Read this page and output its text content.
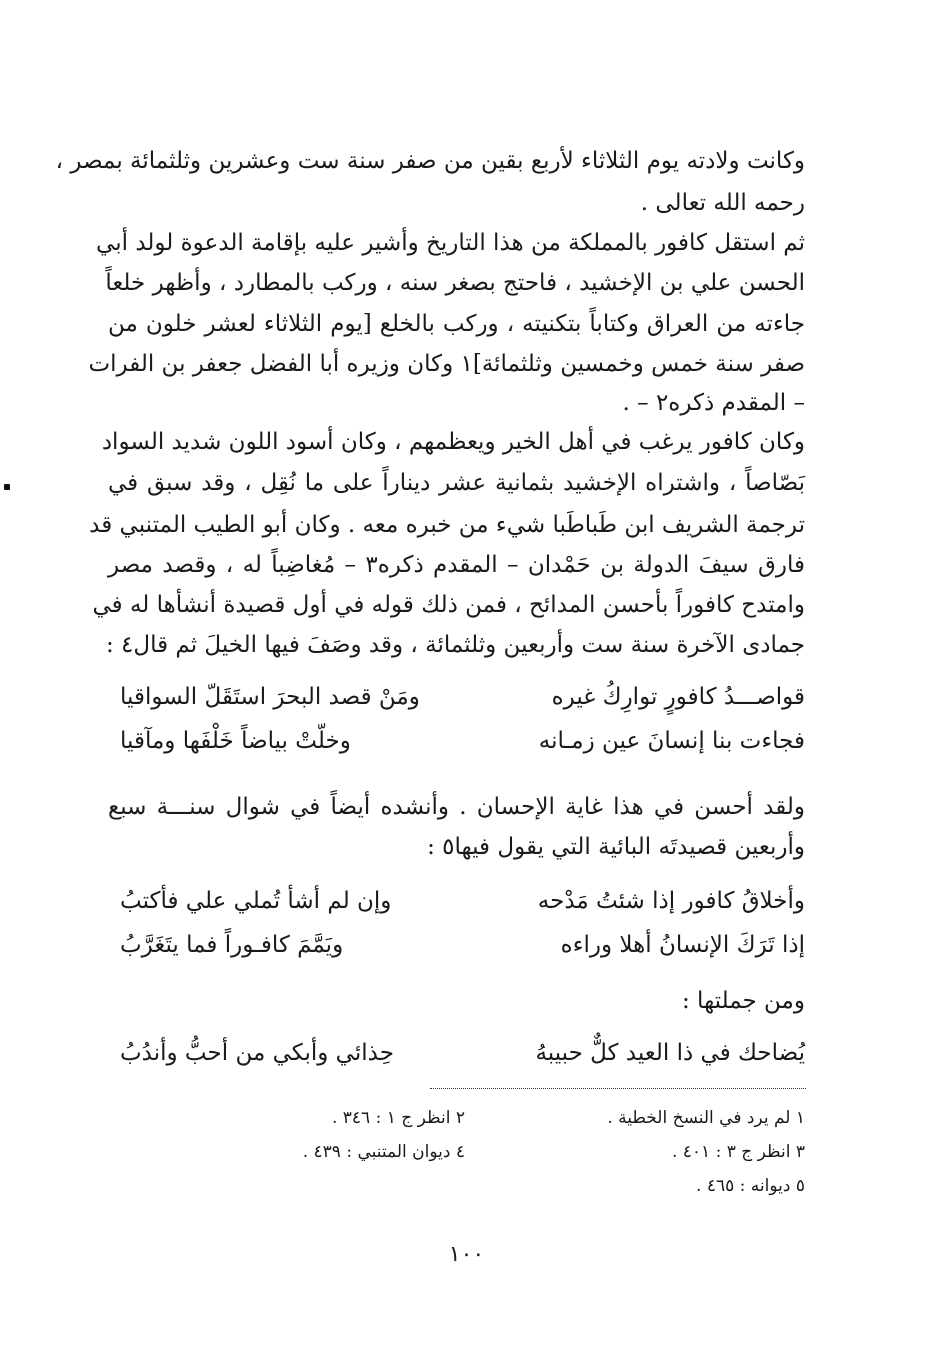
وكانت ولادته يوم الثلاثاء لأربع بقين من صفر سنة ست وعشرين وثلثمائة بمصر ،
رحمه الله تعالى .
ثم استقل كافور بالمملكة من هذا التاريخ وأشير عليه بإقامة الدعوة لولد أبي
الحسن علي بن الإخشيد ، فاحتج بصغر سنه ، وركب بالمطارد ، وأظهر خلعاً
جاءته من العراق وكتاباً بتكنيته ، وركب بالخلع [يوم الثلاثاء لعشر خلون من
صفر سنة خمس وخمسين وثلثمائة]١ وكان وزيره أبا الفضل جعفر بن الفرات
– المقدم ذكره٢ – .
وكان كافور يرغب في أهل الخير ويعظمهم ، وكان أسود اللون شديد السواد
بَصّاصاً ، واشتراه الإخشيد بثمانية عشر ديناراً على ما نُقِل ، وقد سبق في
ترجمة الشريف ابن طَباطَبا شيء من خبره معه . وكان أبو الطيب المتنبي قد
فارق سيفَ الدولة بن حَمْدان – المقدم ذكره٣ – مُغاضِباً له ، وقصد مصر
وامتدح كافوراً بأحسن المدائح ، فمن ذلك قوله في أول قصيدة أنشأها له في
جمادى الآخرة سنة ست وأربعين وثلثمائة ، وقد وصَفَ فيها الخيلَ ثم قال٤ :
قواصـــدُ كافورٍ توارِكُ غيره ومَنْ قصد البحرَ استَقَلّ السواقيا
فجاءت بنا إنسانَ عين زمـانه وخلّتْ بياضاً خَلْفَها ومآقيا
ولقد أحسن في هذا غاية الإحسان . وأنشده أيضاً في شوال سنـــة سبع
وأربعين قصيدتَه البائية التي يقول فيها٥ :
وأخلاقُ كافور إذا شئتُ مَدْحه وإن لم أشأ تُملي علي فأكتبُ
إذا تَرَكَ الإنسانُ أهلا وراءه ويَمَّمَ كافـوراً فما يتَغَرَّبُ
ومن جملتها :
يُضاحك في ذا العيد كلٌّ حبيبهُ حِذائي وأبكي من أحبُّ وأندُبُ
١ لم يرد في النسخ الخطية .
٢ انظر ج ١ : ٣٤٦ .
٣ انظر ج ٣ : ٤٠١ .
٤ ديوان المتنبي : ٤٣٩ .
٥ ديوانه : ٤٦٥ .
١٠٠
